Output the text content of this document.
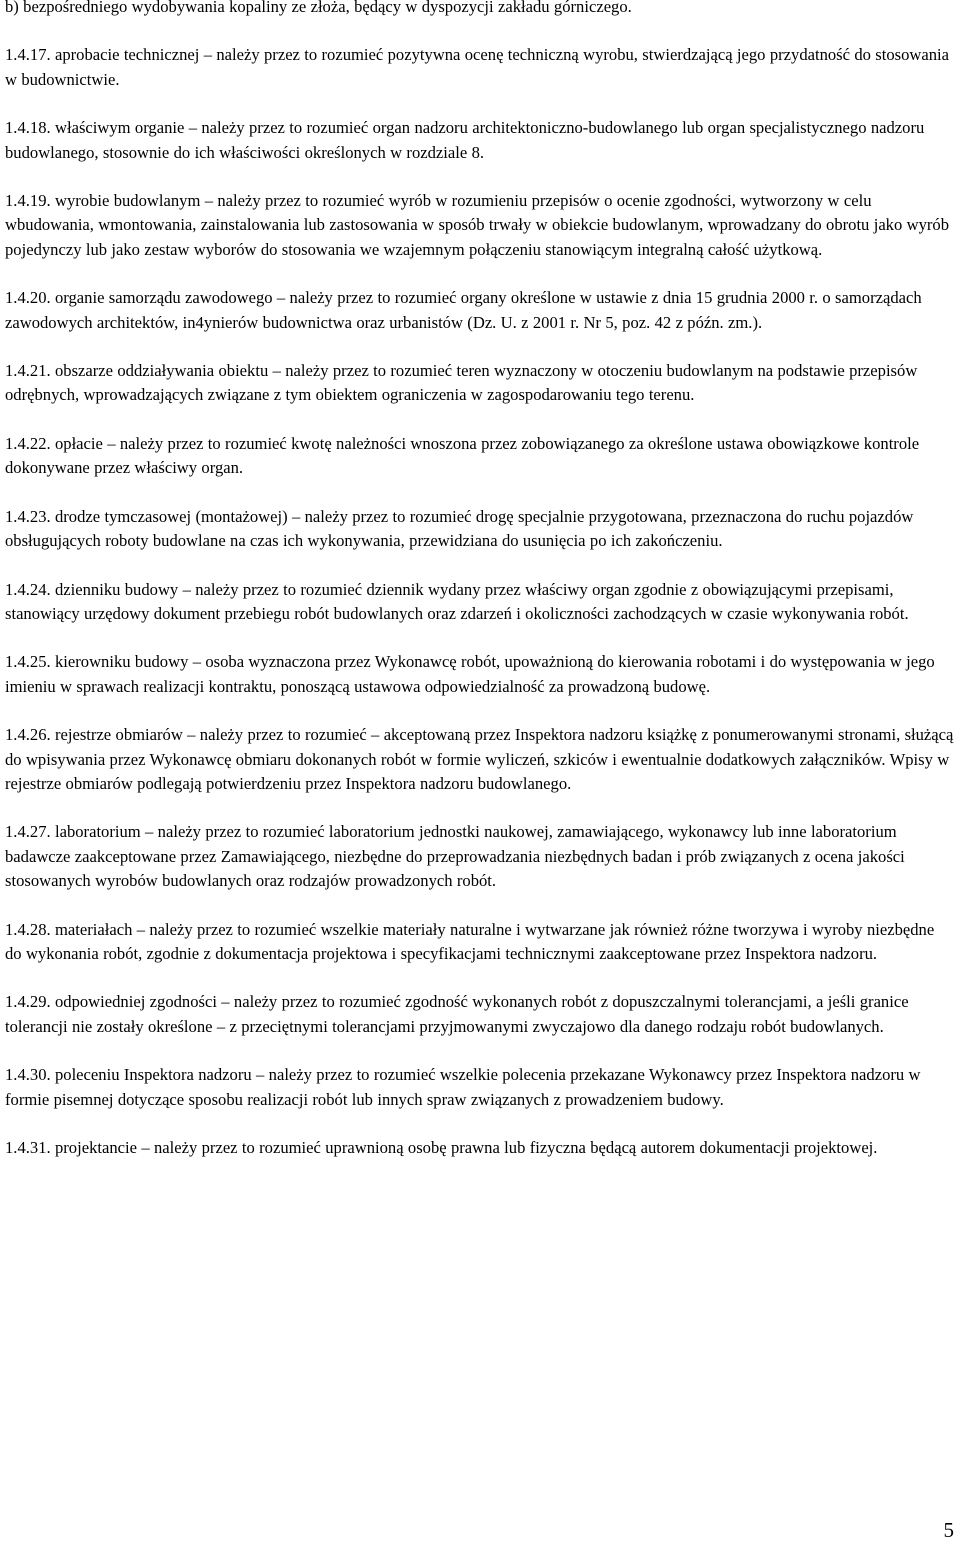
b) bezpośredniego wydobywania kopaliny ze złoża, będący w dyspozycji zakładu górniczego.

1.4.17. aprobacie technicznej – należy przez to rozumieć pozytywna ocenę techniczną wyrobu, stwierdzającą jego przydatność do stosowania w budownictwie.

1.4.18. właściwym organie – należy przez to rozumieć organ nadzoru architektoniczno-budowlanego lub organ specjalistycznego nadzoru budowlanego, stosownie do ich właściwości określonych w rozdziale 8.

1.4.19. wyrobie budowlanym – należy przez to rozumieć wyrób w rozumieniu przepisów o ocenie zgodności, wytworzony w celu wbudowania, wmontowania, zainstalowania lub zastosowania w sposób trwały w obiekcie budowlanym, wprowadzany do obrotu jako wyrób pojedynczy lub jako zestaw wyborów do stosowania we wzajemnym połączeniu stanowiącym integralną całość użytkową.

1.4.20. organie samorządu zawodowego – należy przez to rozumieć organy określone w ustawie z dnia 15 grudnia 2000 r. o samorządach zawodowych architektów, in4ynierów budownictwa oraz urbanistów (Dz. U. z 2001 r. Nr 5, poz. 42 z późn. zm.).

1.4.21. obszarze oddziaływania obiektu – należy przez to rozumieć teren wyznaczony w otoczeniu budowlanym na podstawie przepisów odrębnych, wprowadzających związane z tym obiektem ograniczenia w zagospodarowaniu tego terenu.

1.4.22. opłacie – należy przez to rozumieć kwotę należności wnoszona przez zobowiązanego za określone ustawa obowiązkowe kontrole dokonywane przez właściwy organ.

1.4.23. drodze tymczasowej (montażowej) – należy przez to rozumieć drogę specjalnie przygotowana, przeznaczona do ruchu pojazdów obsługujących roboty budowlane na czas ich wykonywania, przewidziana do usunięcia po ich zakończeniu.

1.4.24. dzienniku budowy – należy przez to rozumieć dziennik wydany przez właściwy organ zgodnie z obowiązującymi przepisami, stanowiący urzędowy dokument przebiegu robót budowlanych oraz zdarzeń i okoliczności zachodzących w czasie wykonywania robót.

1.4.25. kierowniku budowy – osoba wyznaczona przez Wykonawcę robót, upoważnioną do kierowania robotami i do występowania w jego imieniu w sprawach realizacji kontraktu, ponoszącą ustawowa odpowiedzialność za prowadzoną budowę.

1.4.26. rejestrze obmiarów – należy przez to rozumieć – akceptowaną przez Inspektora nadzoru książkę z ponumerowanymi stronami, służącą do wpisywania przez Wykonawcę obmiaru dokonanych robót w formie wyliczeń, szkiców i ewentualnie dodatkowych załączników. Wpisy w rejestrze obmiarów podlegają potwierdzeniu przez Inspektora nadzoru budowlanego.

1.4.27. laboratorium – należy przez to rozumieć laboratorium jednostki naukowej, zamawiającego, wykonawcy lub inne laboratorium badawcze zaakceptowane przez Zamawiającego, niezbędne do przeprowadzania niezbędnych badan i prób związanych z ocena jakości stosowanych wyrobów budowlanych oraz rodzajów prowadzonych robót.

1.4.28. materiałach – należy przez to rozumieć wszelkie materiały naturalne i wytwarzane jak również różne tworzywa i wyroby niezbędne do wykonania robót, zgodnie z dokumentacja projektowa i specyfikacjami technicznymi zaakceptowane przez Inspektora nadzoru.

1.4.29. odpowiedniej zgodności – należy przez to rozumieć zgodność wykonanych robót z dopuszczalnymi tolerancjami, a jeśli granice tolerancji nie zostały określone – z przeciętnymi tolerancjami przyjmowanymi zwyczajowo dla danego rodzaju robót budowlanych.

1.4.30. poleceniu Inspektora nadzoru – należy przez to rozumieć wszelkie polecenia przekazane Wykonawcy przez Inspektora nadzoru w formie pisemnej dotyczące sposobu realizacji robót lub innych spraw związanych z prowadzeniem budowy.

1.4.31. projektancie – należy przez to rozumieć uprawnioną osobę prawna lub fizyczna będącą autorem dokumentacji projektowej.

5
